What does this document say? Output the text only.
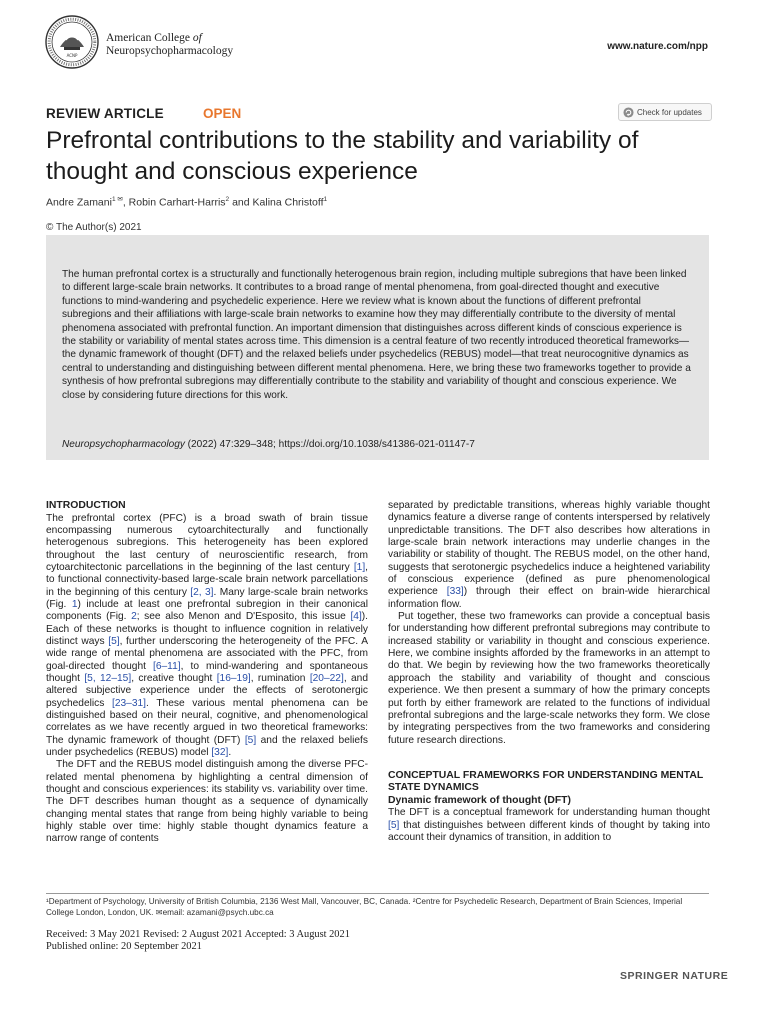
ACNP
American College of
Neuropsychopharmacology	www.nature.com/npp
REVIEW ARTICLE	OPEN	Check for updates
Prefrontal contributions to the stability and variability of thought and conscious experience
Andre Zamani$^{1 ✉}$, Robin Carhart-Harris$^2$ and Kalina Christoff$^1$
© The Author(s) 2021

The human prefrontal cortex is a structurally and functionally heterogenous brain region, including multiple subregions that have been linked to different large-scale brain networks. It contributes to a broad range of mental phenomena, from goal-directed thought and executive functions to mind-wandering and psychedelic experience. Here we review what is known about the functions of different prefrontal subregions and their affiliations with large-scale brain networks to examine how they may differentially contribute to the diversity of mental phenomena associated with prefrontal function. An important dimension that distinguishes across different kinds of conscious experience is the stability or variability of mental states across time. This dimension is a central feature of two recently introduced theoretical frameworks—the dynamic framework of thought (DFT) and the relaxed beliefs under psychedelics (REBUS) model—that treat neurocognitive dynamics as central to understanding and distinguishing between different mental phenomena. Here, we bring these two frameworks together to provide a synthesis of how prefrontal subregions may differentially contribute to the stability and variability of thought and conscious experience. We close by considering future directions for this work.

Neuropsychopharmacology (2022) 47:329–348; https://doi.org/10.1038/s41386-021-01147-7
INTRODUCTION

The prefrontal cortex (PFC) is a broad swath of brain tissue encompassing numerous cytoarchitecturally and functionally heterogenous subregions. This heterogeneity has been explored throughout the last century of neuroscientific research, from cytoarchitectonic parcellations in the beginning of the last century [1], to functional connectivity-based large-scale brain network parcellations in the beginning of this century [2, 3]. Many large-scale brain networks (Fig. 1) include at least one prefrontal subregion in their canonical components (Fig. 2; see also Menon and D'Esposito, this issue [4]). Each of these networks is thought to influence cognition in relatively distinct ways [5], further underscoring the heterogeneity of the PFC. A wide range of mental phenomena are associated with the PFC, from goal-directed thought [6–11], to mind-wandering and spontaneous thought [5, 12–15], creative thought [16–19], rumination [20–22], and altered subjective experience under the effects of serotonergic psychedelics [23–31]. These various mental phenomena can be distinguished based on their neural, cognitive, and phenomenological correlates as we have recently argued in two theoretical frameworks: The dynamic framework of thought (DFT) [5] and the relaxed beliefs under psychedelics (REBUS) model [32].

The DFT and the REBUS model distinguish among the diverse PFC-related mental phenomena by highlighting a central dimension of thought and conscious experiences: its stability vs. variability over time. The DFT describes human thought as a sequence of dynamically changing mental states that range from being highly variable to being highly stable over time: highly stable thought dynamics feature a narrow range of contents

separated by predictable transitions, whereas highly variable thought dynamics feature a diverse range of contents interspersed by relatively unpredictable transitions. The DFT also describes how alterations in large-scale brain network interactions may underlie changes in the variability or stability of thought. The REBUS model, on the other hand, suggests that serotonergic psychedelics induce a heightened variability of conscious experience (defined as pure phenomenological experience [33]) through their effect on brain-wide hierarchical information flow.

Put together, these two frameworks can provide a conceptual basis for understanding how different prefrontal subregions may contribute to increased stability or variability in thought and conscious experience. Here, we combine insights afforded by the frameworks in an attempt to do that. We begin by reviewing how the two frameworks theoretically approach the stability and variability of thought and conscious experience. We then present a summary of how the primary concepts put forth by either framework are related to the functions of individual prefrontal subregions and the large-scale networks they form. We close by integrating perspectives from the two frameworks and considering future research directions.

CONCEPTUAL FRAMEWORKS FOR UNDERSTANDING MENTAL STATE DYNAMICS
Dynamic framework of thought (DFT)

The DFT is a conceptual framework for understanding human thought [5] that distinguishes between different kinds of thought by taking into account their dynamics of transition, in addition to

¹Department of Psychology, University of British Columbia, 2136 West Mall, Vancouver, BC, Canada. ²Centre for Psychedelic Research, Department of Brain Sciences, Imperial College London, London, UK. ✉email: azamani@psych.ubc.ca
Received: 3 May 2021 Revised: 2 August 2021 Accepted: 3 August 2021
Published online: 20 September 2021
SPRINGER NATURE
